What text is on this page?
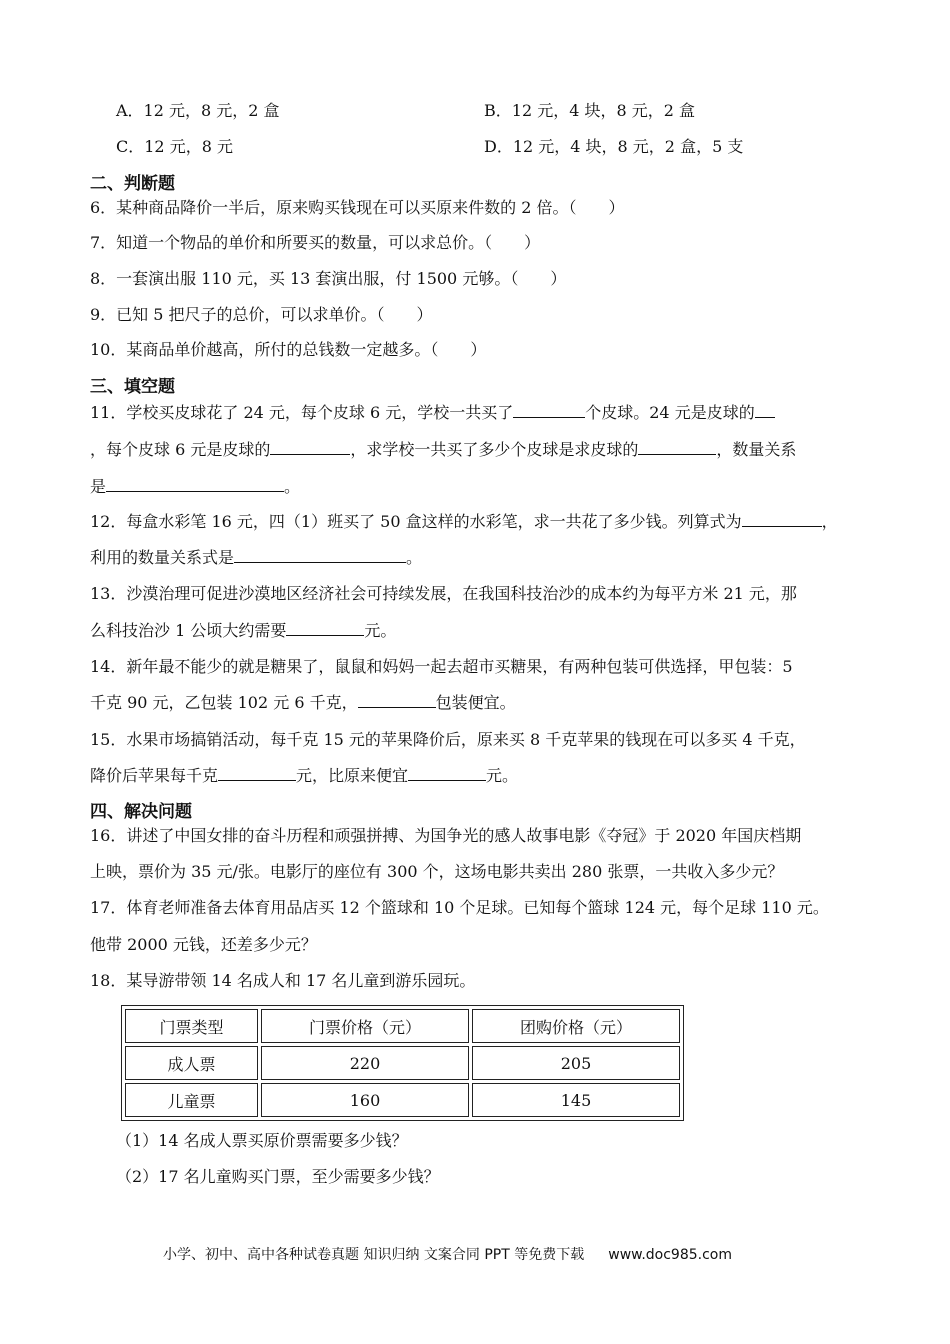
A．12 元，8 元，2 盒	B．12 元，4 块，8 元，2 盒
C．12 元，8 元	D．12 元，4 块，8 元，2 盒，5 支
二、判断题
6．某种商品降价一半后，原来购买钱现在可以买原来件数的 2 倍。（　　）
7．知道一个物品的单价和所要买的数量，可以求总价。（　　）
8．一套演出服 110 元，买 13 套演出服，付 1500 元够。（　　）
9．已知 5 把尺子的总价，可以求单价。（　　）
10．某商品单价越高，所付的总钱数一定越多。（　　）
三、填空题
11．学校买皮球花了 24 元，每个皮球 6 元，学校一共买了	个皮球。24 元是皮球的
，每个皮球 6 元是皮球的	，求学校一共买了多少个皮球是求皮球的	，数量关系
是	。
12．每盒水彩笔 16 元，四（1）班买了 50 盒这样的水彩笔，求一共花了多少钱。列算式为	，
利用的数量关系式是	。
13．沙漠治理可促进沙漠地区经济社会可持续发展，在我国科技治沙的成本约为每平方米 21 元，那
么科技治沙 1 公顷大约需要	元。
14．新年最不能少的就是糖果了，鼠鼠和妈妈一起去超市买糖果，有两种包装可供选择，甲包装：5
千克 90 元，乙包装 102 元 6 千克，	包装便宜。
15．水果市场搞销活动，每千克 15 元的苹果降价后，原来买 8 千克苹果的钱现在可以多买 4 千克，
降价后苹果每千克	元，比原来便宜	元。
四、解决问题
16．讲述了中国女排的奋斗历程和顽强拼搏、为国争光的感人故事电影《夺冠》于 2020 年国庆档期
上映，票价为 35 元/张。电影厅的座位有 300 个，这场电影共卖出 280 张票，一共收入多少元？
17．体育老师准备去体育用品店买 12 个篮球和 10 个足球。已知每个篮球 124 元，每个足球 110 元。
他带 2000 元钱，还差多少元？
18．某导游带领 14 名成人和 17 名儿童到游乐园玩。
门票类型	门票价格（元）	团购价格（元）
成人票	220	205
儿童票	160	145
（1）14 名成人票买原价票需要多少钱？
（2）17 名儿童购买门票，至少需要多少钱？
小学、初中、高中各种试卷真题 知识归纳 文案合同 PPT 等免费下载 www.doc985.com
